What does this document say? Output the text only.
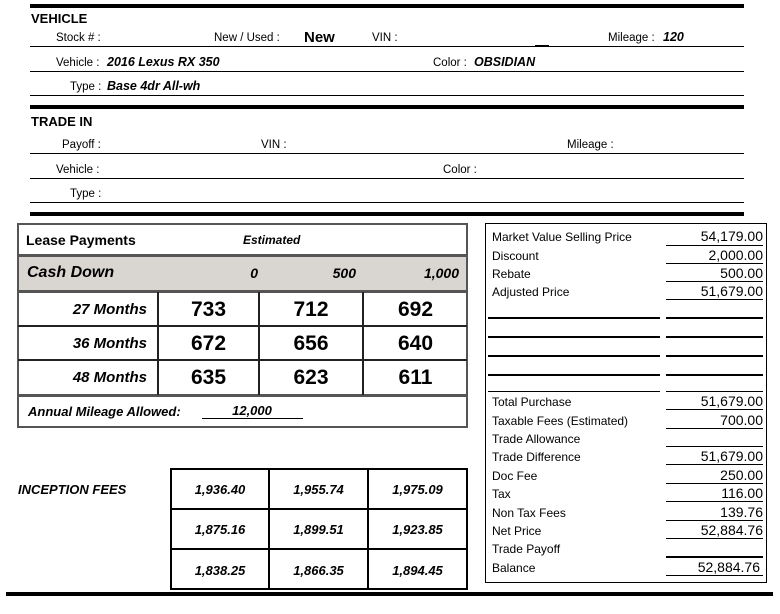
VEHICLE
Stock # :	New / Used : New	VIN :	Mileage : 120
Vehicle : 2016 Lexus RX 350	Color : OBSIDIAN
Type : Base 4dr All-wh
TRADE IN
Payoff :	VIN :	Mileage :
Vehicle :	Color :
Type :
Lease Payments	Estimated
Cash Down	0	500	1,000
27 Months	733	712	692
36 Months	672	656	640
48 Months	635	623	611
Annual Mileage Allowed:	12,000
INCEPTION FEES	1,936.40	1,955.74	1,975.09
1,875.16	1,899.51	1,923.85
1,838.25	1,866.35	1,894.45
Market Value Selling Price	54,179.00
Discount	2,000.00
Rebate	500.00
Adjusted Price	51,679.00
Total Purchase	51,679.00
Taxable Fees (Estimated)	700.00
Trade Allowance
Trade Difference	51,679.00
Doc Fee	250.00
Tax	116.00
Non Tax Fees	139.76
Net Price	52,884.76
Trade Payoff
Balance	52,884.76
